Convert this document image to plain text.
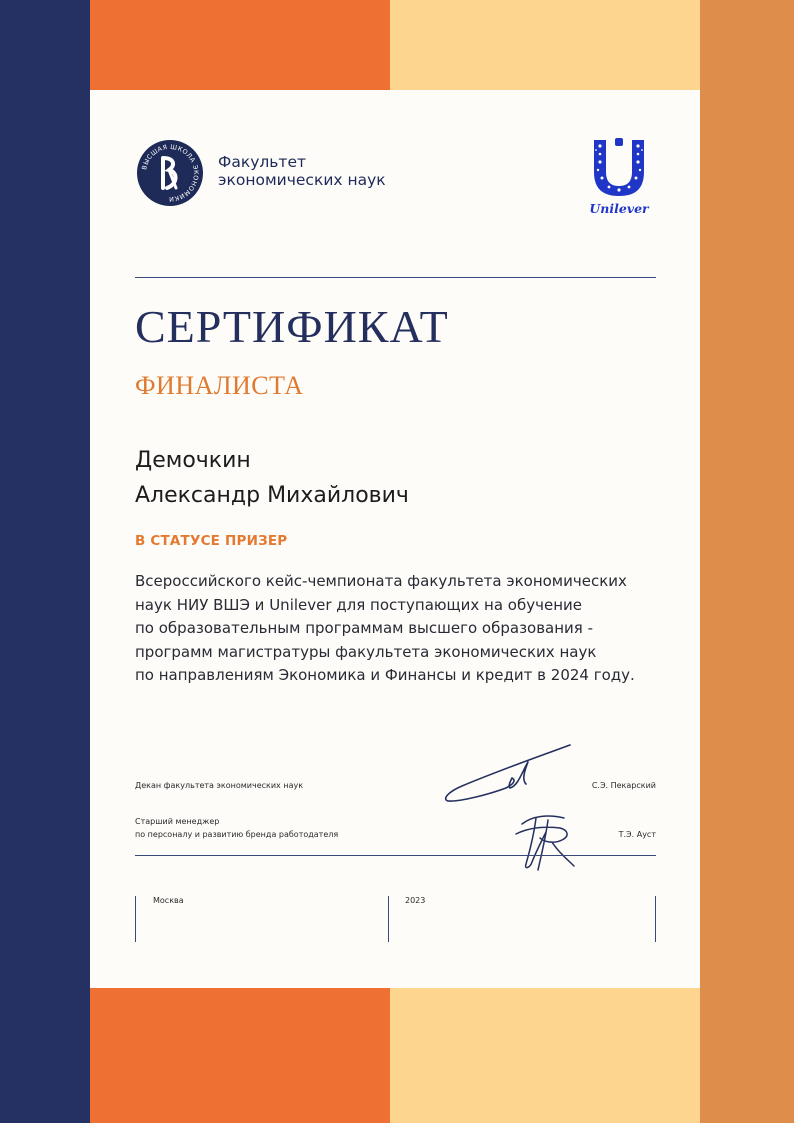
ВЫСШАЯ ШКОЛА ЭКОНОМИКИ
Факультет
экономических наук
Unilever
СЕРТИФИКАТ
ФИНАЛИСТА
Демочкин
Александр Михайлович
В СТАТУСЕ ПРИЗЕР
Всероссийского кейс-чемпионата факультета экономических
наук НИУ ВШЭ и Unilever для поступающих на обучение
по образовательным программам высшего образования -
программ магистратуры факультета экономических наук
по направлениям Экономика и Финансы и кредит в 2024 году.
Декан факультета экономических наук	С.Э. Пекарский
Старший менеджер
по персоналу и развитию бренда работодателя	Т.Э. Ауст
Москва	2023
